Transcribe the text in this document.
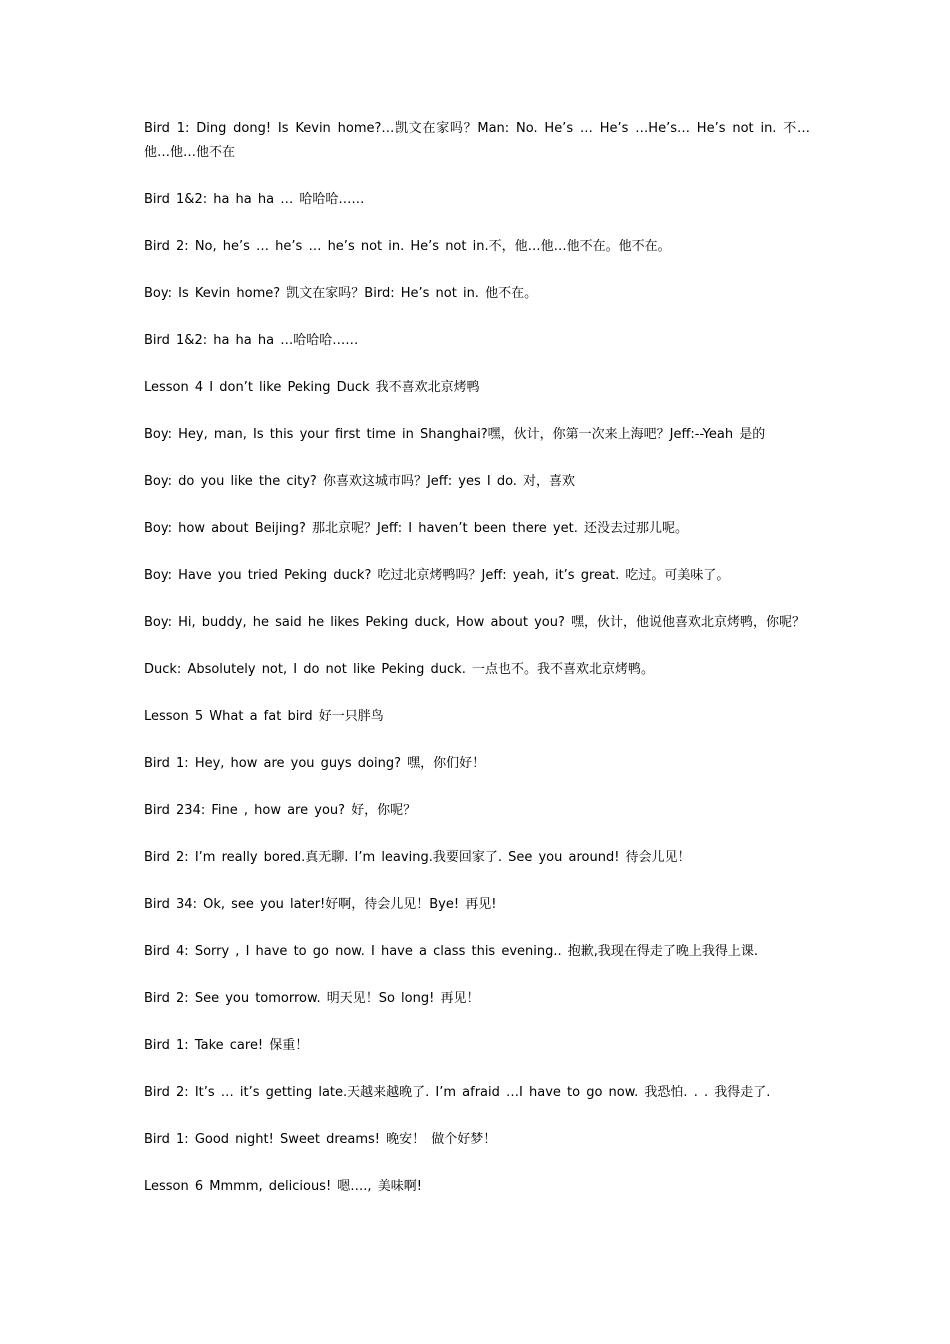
Bird 1: Ding dong! Is Kevin home?…凯文在家吗？Man: No. He’s … He’s …He’s… He’s not in. 不…他…他…他不在

Bird 1&2: ha ha ha … 哈哈哈……

Bird 2: No, he’s … he’s … he’s not in. He’s not in.不，他…他…他不在。他不在。

Boy: Is Kevin home? 凯文在家吗？Bird: He’s not in. 他不在。

Bird 1&2: ha ha ha …哈哈哈……

Lesson 4 I don’t like Peking Duck 我不喜欢北京烤鸭

Boy: Hey, man, Is this your first time in Shanghai?嘿，伙计，你第一次来上海吧？Jeff:--Yeah 是的

Boy: do you like the city? 你喜欢这城市吗？Jeff: yes I do. 对，喜欢

Boy: how about Beijing? 那北京呢？Jeff: I haven’t been there yet. 还没去过那儿呢。

Boy: Have you tried Peking duck? 吃过北京烤鸭吗？Jeff: yeah, it’s great. 吃过。可美味了。

Boy: Hi, buddy, he said he likes Peking duck, How about you? 嘿，伙计，他说他喜欢北京烤鸭，你呢？

Duck: Absolutely not, I do not like Peking duck. 一点也不。我不喜欢北京烤鸭。

Lesson 5 What a fat bird 好一只胖鸟

Bird 1: Hey, how are you guys doing? 嘿，你们好！

Bird 234: Fine , how are you? 好，你呢？

Bird 2: I’m really bored.真无聊. I’m leaving.我要回家了. See you around! 待会儿见！

Bird 34: Ok, see you later!好啊，待会儿见！Bye! 再见!

Bird 4: Sorry , I have to go now. I have a class this evening.. 抱歉,我现在得走了晚上我得上课.

Bird 2: See you tomorrow. 明天见！So long! 再见！

Bird 1: Take care! 保重！

Bird 2: It’s … it’s getting late.天越来越晚了. I’m afraid …I have to go now. 我恐怕. . . 我得走了.

Bird 1: Good night! Sweet dreams! 晚安！ 做个好梦！

Lesson 6 Mmmm, delicious! 嗯…., 美味啊!
